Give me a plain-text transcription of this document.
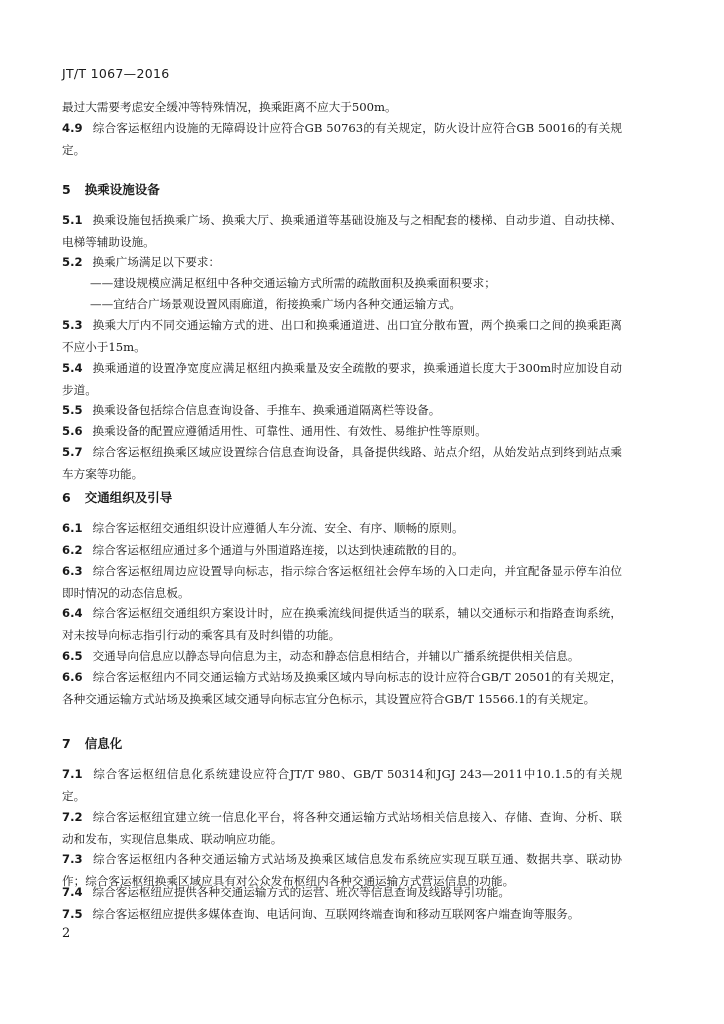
JT/T 1067—2016

最过大需要考虑安全缓冲等特殊情况，换乘距离不应大于500m。

4.9 综合客运枢纽内设施的无障碍设计应符合GB 50763的有关规定，防火设计应符合GB 50016的有关规定。

5 换乘设施设备

5.1 换乘设施包括换乘广场、换乘大厅、换乘通道等基础设施及与之相配套的楼梯、自动步道、自动扶梯、电梯等辅助设施。

5.2 换乘广场满足以下要求：

——建设规模应满足枢纽中各种交通运输方式所需的疏散面积及换乘面积要求；

——宜结合广场景观设置风雨廊道，衔接换乘广场内各种交通运输方式。

5.3 换乘大厅内不同交通运输方式的进、出口和换乘通道进、出口宜分散布置，两个换乘口之间的换乘距离不应小于15m。

5.4 换乘通道的设置净宽度应满足枢纽内换乘量及安全疏散的要求，换乘通道长度大于300m时应加设自动步道。

5.5 换乘设备包括综合信息查询设备、手推车、换乘通道隔离栏等设备。

5.6 换乘设备的配置应遵循适用性、可靠性、通用性、有效性、易维护性等原则。

5.7 综合客运枢纽换乘区域应设置综合信息查询设备，具备提供线路、站点介绍，从始发站点到终到站点乘车方案等功能。

6 交通组织及引导

6.1 综合客运枢纽交通组织设计应遵循人车分流、安全、有序、顺畅的原则。

6.2 综合客运枢纽应通过多个通道与外围道路连接，以达到快速疏散的目的。

6.3 综合客运枢纽周边应设置导向标志，指示综合客运枢纽社会停车场的入口走向，并宜配备显示停车泊位即时情况的动态信息板。

6.4 综合客运枢纽交通组织方案设计时，应在换乘流线间提供适当的联系，辅以交通标示和指路查询系统，对未按导向标志指引行动的乘客具有及时纠错的功能。

6.5 交通导向信息应以静态导向信息为主，动态和静态信息相结合，并辅以广播系统提供相关信息。

6.6 综合客运枢纽内不同交通运输方式站场及换乘区域内导向标志的设计应符合GB/T 20501的有关规定，各种交通运输方式站场及换乘区域交通导向标志宜分色标示，其设置应符合GB/T 15566.1的有关规定。

7 信息化

7.1 综合客运枢纽信息化系统建设应符合JT/T 980、GB/T 50314和JGJ 243—2011中10.1.5的有关规定。

7.2 综合客运枢纽宜建立统一信息化平台，将各种交通运输方式站场相关信息接入、存储、查询、分析、联动和发布，实现信息集成、联动响应功能。

7.3 综合客运枢纽内各种交通运输方式站场及换乘区域信息发布系统应实现互联互通、数据共享、联动协作；综合客运枢纽换乘区域应具有对公众发布枢纽内各种交通运输方式营运信息的功能。

7.4 综合客运枢纽应提供各种交通运输方式的运营、班次等信息查询及线路导引功能。

7.5 综合客运枢纽应提供多媒体查询、电话问询、互联网终端查询和移动互联网客户端查询等服务。

2
